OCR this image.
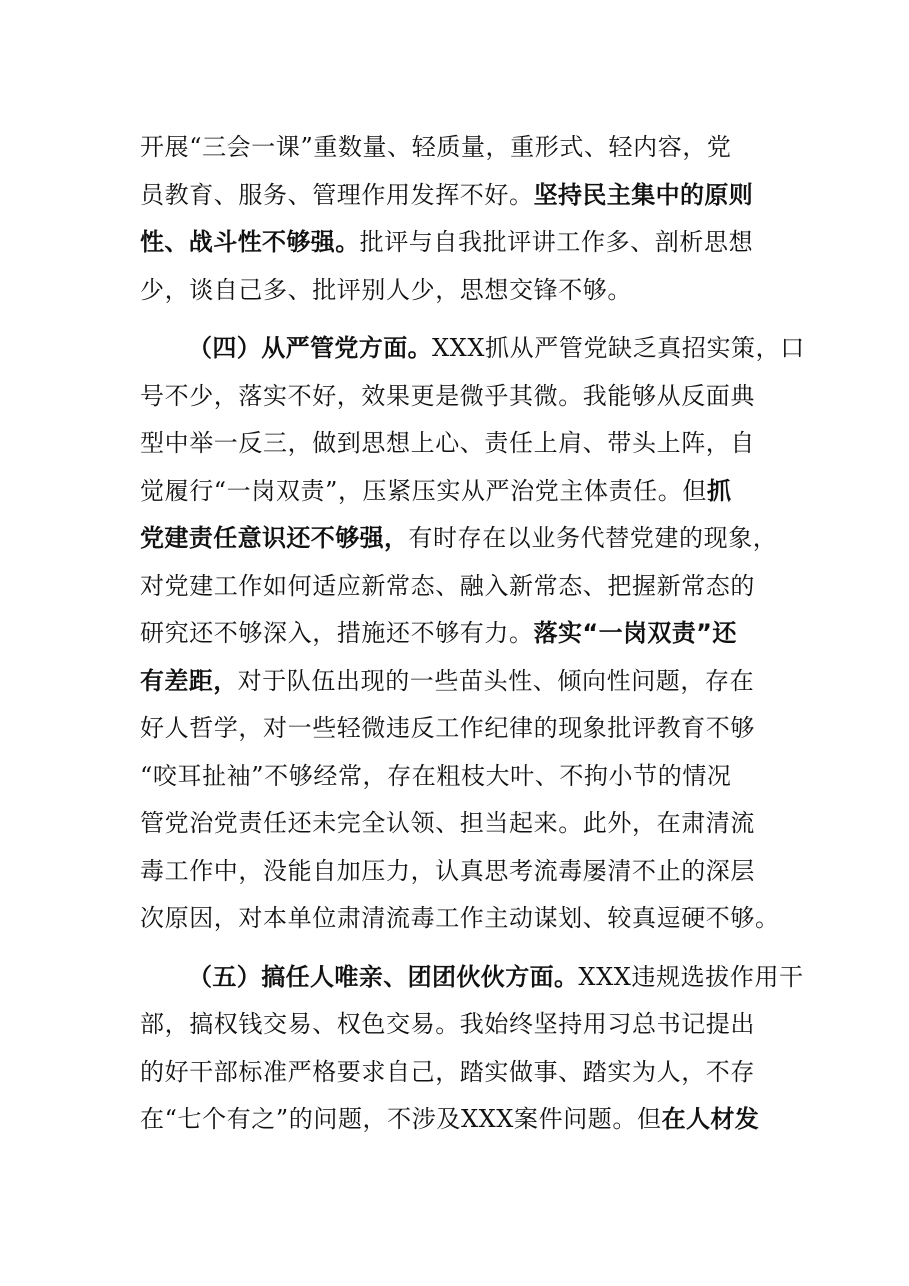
开展“三会一课”重数量、轻质量，重形式、轻内容，党
员教育、服务、管理作用发挥不好。坚持民主集中的原则
性、战斗性不够强。批评与自我批评讲工作多、剖析思想
少，谈自己多、批评别人少，思想交锋不够。

（四）从严管党方面。XXX抓从严管党缺乏真招实策，口
号不少，落实不好，效果更是微乎其微。我能够从反面典
型中举一反三，做到思想上心、责任上肩、带头上阵，自
觉履行“一岗双责”，压紧压实从严治党主体责任。但抓
党建责任意识还不够强，有时存在以业务代替党建的现象，
对党建工作如何适应新常态、融入新常态、把握新常态的
研究还不够深入，措施还不够有力。落实“一岗双责”还
有差距，对于队伍出现的一些苗头性、倾向性问题，存在
好人哲学，对一些轻微违反工作纪律的现象批评教育不够
“咬耳扯袖”不够经常，存在粗枝大叶、不拘小节的情况
管党治党责任还未完全认领、担当起来。此外，在肃清流
毒工作中，没能自加压力，认真思考流毒屡清不止的深层
次原因，对本单位肃清流毒工作主动谋划、较真逗硬不够。

（五）搞任人唯亲、团团伙伙方面。XXX违规选拔作用干
部，搞权钱交易、权色交易。我始终坚持用习总书记提出
的好干部标准严格要求自己，踏实做事、踏实为人，不存
在“七个有之”的问题，不涉及XXX案件问题。但在人材发
